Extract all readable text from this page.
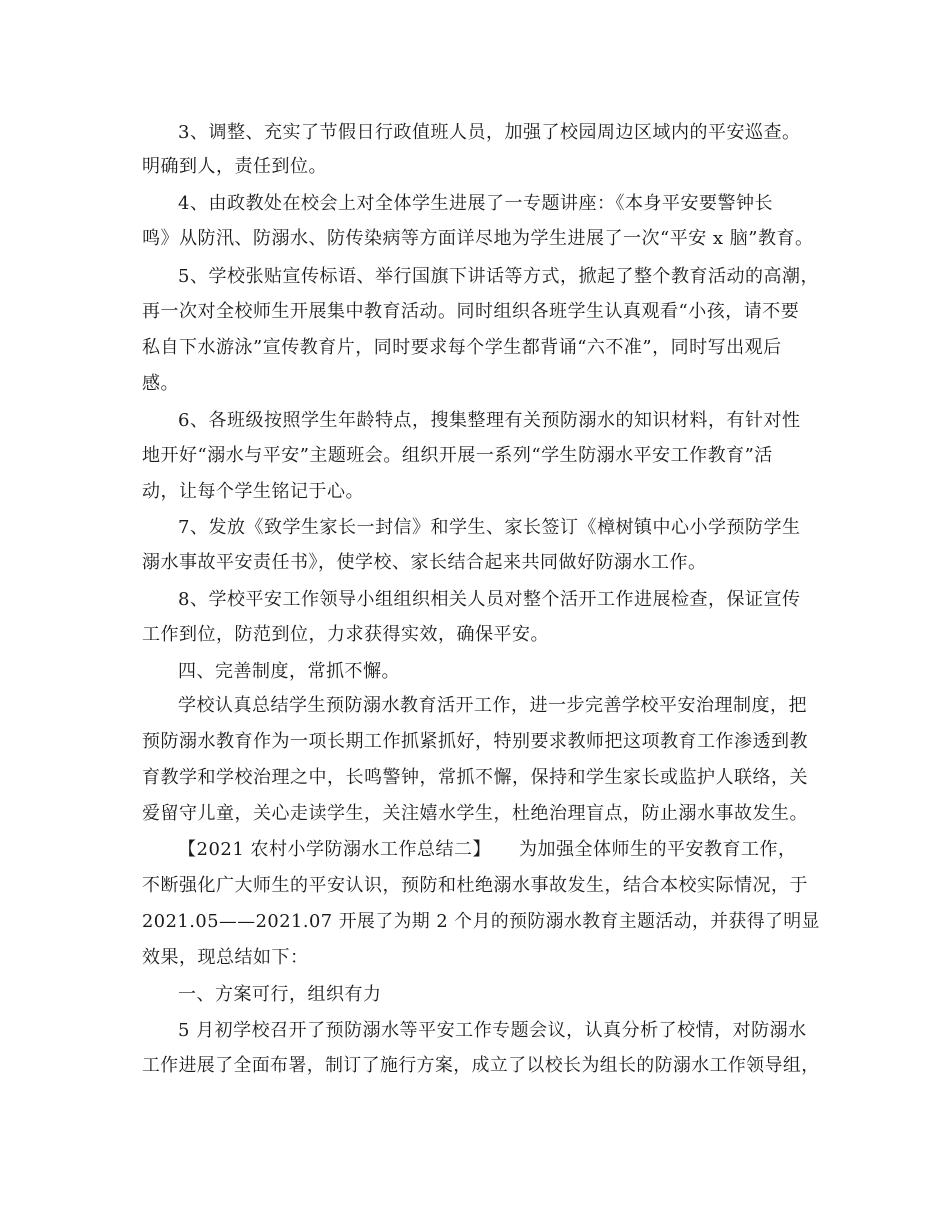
3、调整、充实了节假日行政值班人员，加强了校园周边区域内的平安巡查。
明确到人，责任到位。
4、由政教处在校会上对全体学生进展了一专题讲座：《本身平安要警钟长
鸣》从防汛、防溺水、防传染病等方面详尽地为学生进展了一次“平安 x 脑”教育。
5、学校张贴宣传标语、举行国旗下讲话等方式，掀起了整个教育活动的高潮，
再一次对全校师生开展集中教育活动。同时组织各班学生认真观看“小孩，请不要
私自下水游泳”宣传教育片，同时要求每个学生都背诵“六不准”，同时写出观后
感。
6、各班级按照学生年龄特点，搜集整理有关预防溺水的知识材料，有针对性
地开好“溺水与平安”主题班会。组织开展一系列“学生防溺水平安工作教育”活
动，让每个学生铭记于心。
7、发放《致学生家长一封信》和学生、家长签订《樟树镇中心小学预防学生
溺水事故平安责任书》，使学校、家长结合起来共同做好防溺水工作。
8、学校平安工作领导小组组织相关人员对整个活开工作进展检查，保证宣传
工作到位，防范到位，力求获得实效，确保平安。
四、完善制度，常抓不懈。
学校认真总结学生预防溺水教育活开工作，进一步完善学校平安治理制度，把
预防溺水教育作为一项长期工作抓紧抓好，特别要求教师把这项教育工作渗透到教
育教学和学校治理之中，长鸣警钟，常抓不懈，保持和学生家长或监护人联络，关
爱留守儿童，关心走读学生，关注嬉水学生，杜绝治理盲点，防止溺水事故发生。
【2021 农村小学防溺水工作总结二】　　为加强全体师生的平安教育工作，
不断强化广大师生的平安认识，预防和杜绝溺水事故发生，结合本校实际情况，于
2021.05——2021.07 开展了为期 2 个月的预防溺水教育主题活动，并获得了明显
效果，现总结如下：
一、方案可行，组织有力
5 月初学校召开了预防溺水等平安工作专题会议，认真分析了校情，对防溺水
工作进展了全面布署，制订了施行方案，成立了以校长为组长的防溺水工作领导组，
